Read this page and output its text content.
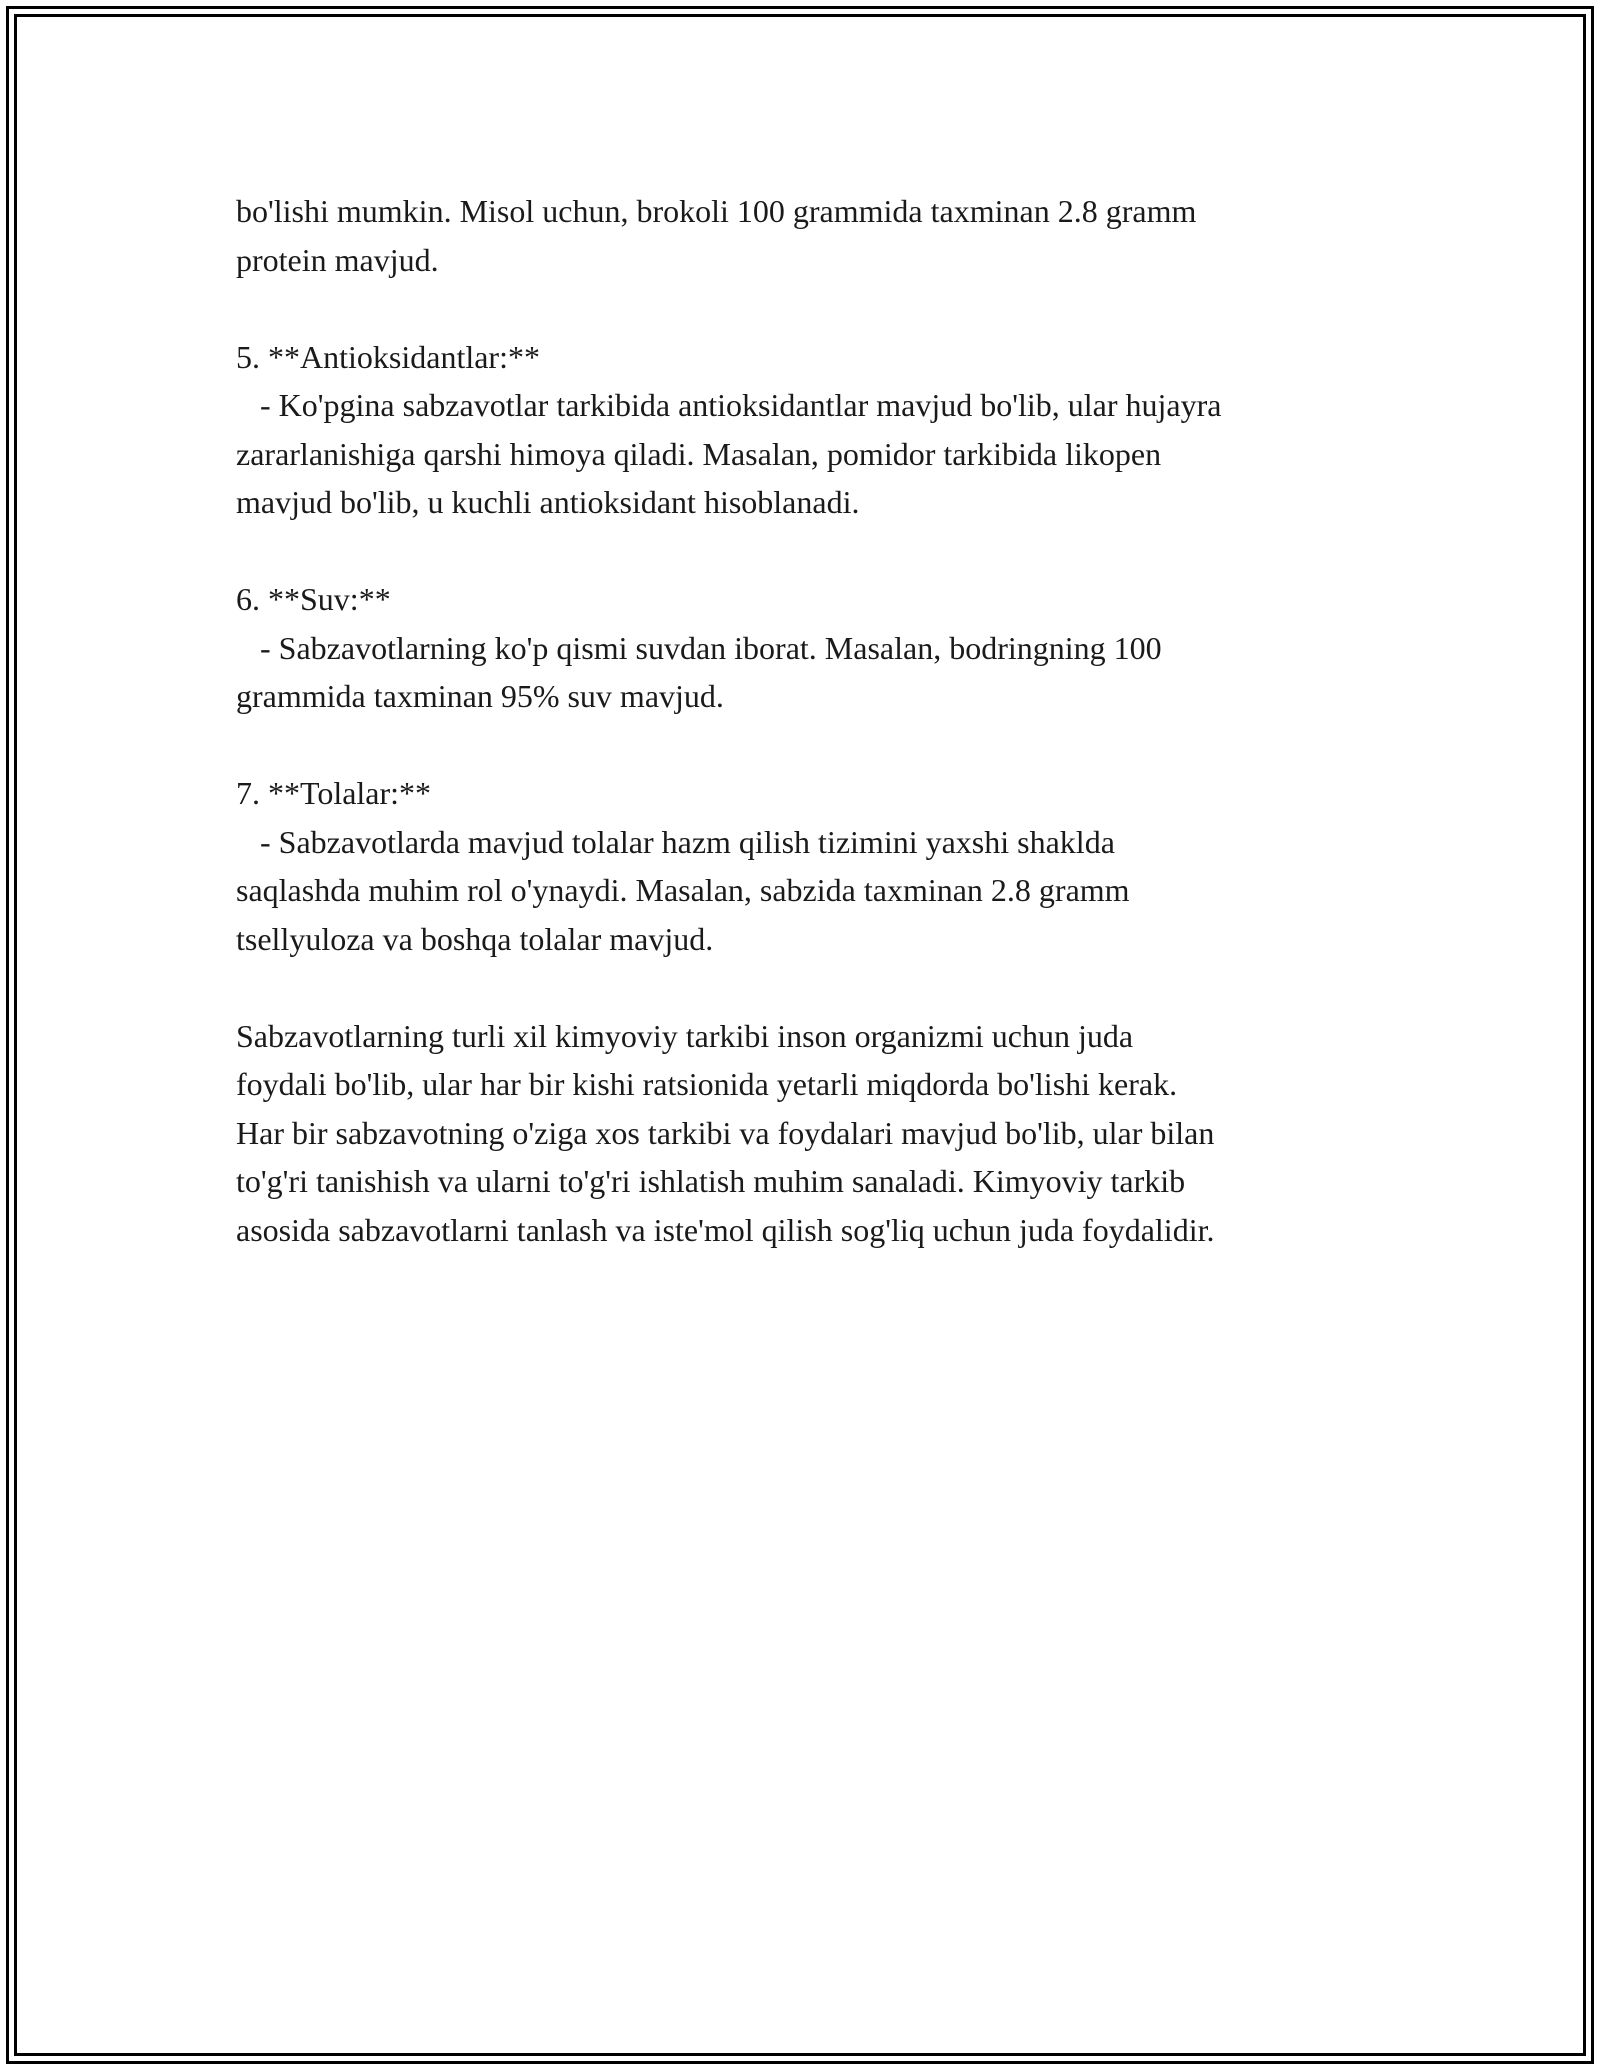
bo'lishi mumkin. Misol uchun, brokoli 100 grammida taxminan 2.8 gramm
protein mavjud.
5. **Antioksidantlar:**
- Ko'pgina sabzavotlar tarkibida antioksidantlar mavjud bo'lib, ular hujayra
zararlanishiga qarshi himoya qiladi. Masalan, pomidor tarkibida likopen
mavjud bo'lib, u kuchli antioksidant hisoblanadi.
6. **Suv:**
- Sabzavotlarning ko'p qismi suvdan iborat. Masalan, bodringning 100
grammida taxminan 95% suv mavjud.
7. **Tolalar:**
- Sabzavotlarda mavjud tolalar hazm qilish tizimini yaxshi shaklda
saqlashda muhim rol o'ynaydi. Masalan, sabzida taxminan 2.8 gramm
tsellyuloza va boshqa tolalar mavjud.
Sabzavotlarning turli xil kimyoviy tarkibi inson organizmi uchun juda
foydali bo'lib, ular har bir kishi ratsionida yetarli miqdorda bo'lishi kerak.
Har bir sabzavotning o'ziga xos tarkibi va foydalari mavjud bo'lib, ular bilan
to'g'ri tanishish va ularni to'g'ri ishlatish muhim sanaladi. Kimyoviy tarkib
asosida sabzavotlarni tanlash va iste'mol qilish sog'liq uchun juda foydalidir.
